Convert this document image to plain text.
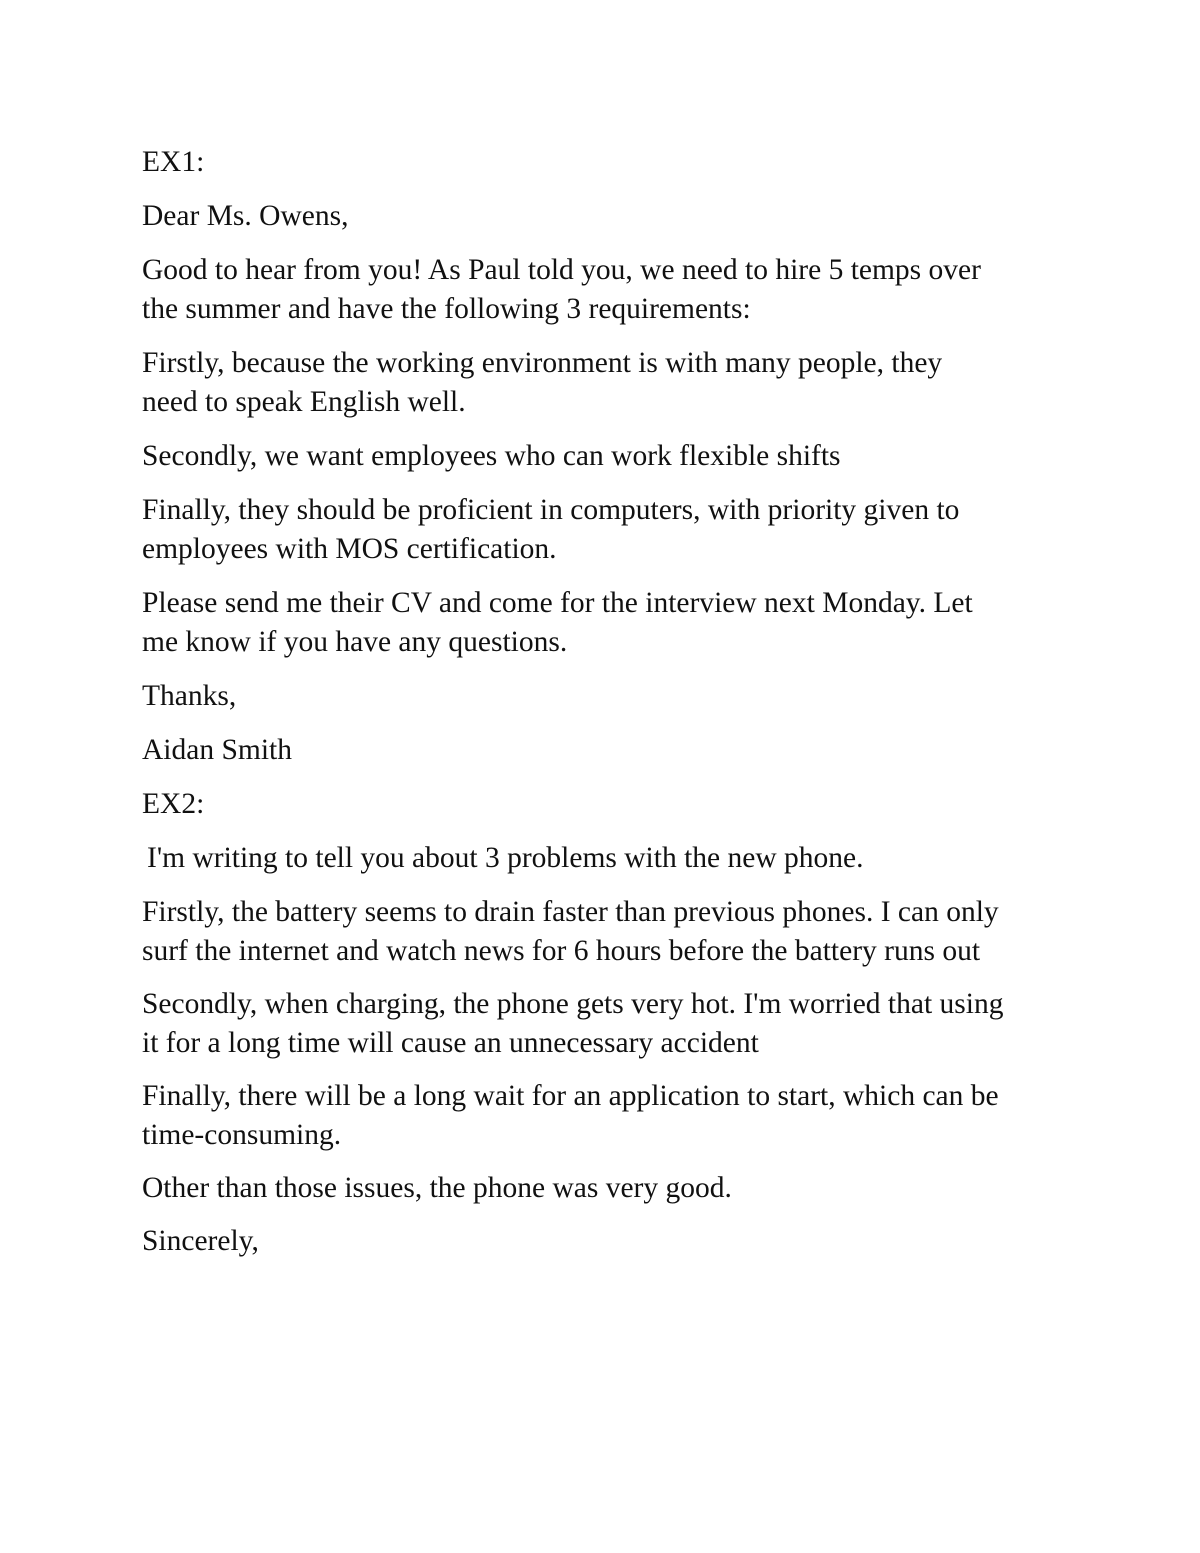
EX1:

Dear Ms. Owens,

Good to hear from you! As Paul told you, we need to hire 5 temps over
the summer and have the following 3 requirements:

Firstly, because the working environment is with many people, they
need to speak English well.

Secondly, we want employees who can work flexible shifts

Finally, they should be proficient in computers, with priority given to
employees with MOS certification.

Please send me their CV and come for the interview next Monday. Let
me know if you have any questions.

Thanks,

Aidan Smith

EX2:

I'm writing to tell you about 3 problems with the new phone.

Firstly, the battery seems to drain faster than previous phones. I can only
surf the internet and watch news for 6 hours before the battery runs out

Secondly, when charging, the phone gets very hot. I'm worried that using
it for a long time will cause an unnecessary accident

Finally, there will be a long wait for an application to start, which can be
time-consuming.

Other than those issues, the phone was very good.

Sincerely,
